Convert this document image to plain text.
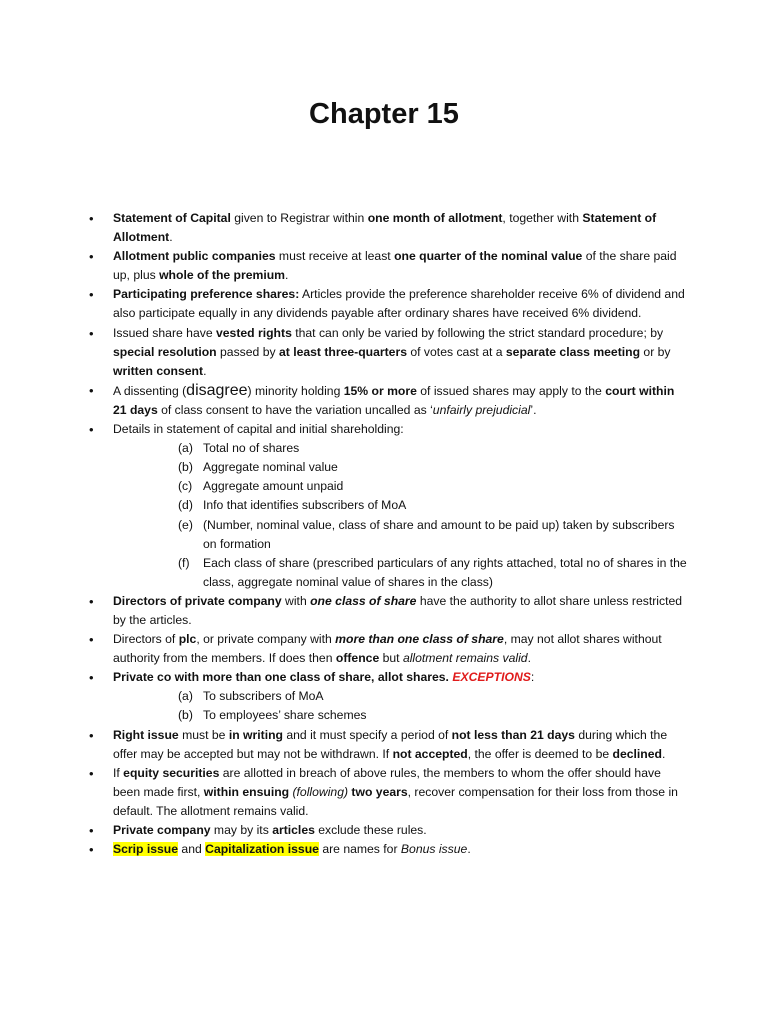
Chapter 15
• Statement of Capital given to Registrar within one month of allotment, together with Statement of Allotment.
• Allotment public companies must receive at least one quarter of the nominal value of the share paid up, plus whole of the premium.
• Participating preference shares: Articles provide the preference shareholder receive 6% of dividend and also participate equally in any dividends payable after ordinary shares have received 6% dividend.
• Issued share have vested rights that can only be varied by following the strict standard procedure; by special resolution passed by at least three-quarters of votes cast at a separate class meeting or by written consent.
• A dissenting (disagree) minority holding 15% or more of issued shares may apply to the court within 21 days of class consent to have the variation uncalled as ‘unfairly prejudicial’.
• Details in statement of capital and initial shareholding:
(a) Total no of shares
(b) Aggregate nominal value
(c) Aggregate amount unpaid
(d) Info that identifies subscribers of MoA
(e) (Number, nominal value, class of share and amount to be paid up) taken by subscribers on formation
(f) Each class of share (prescribed particulars of any rights attached, total no of shares in the class, aggregate nominal value of shares in the class)
• Directors of private company with one class of share have the authority to allot share unless restricted by the articles.
• Directors of plc, or private company with more than one class of share, may not allot shares without authority from the members. If does then offence but allotment remains valid.
• Private co with more than one class of share, allot shares. EXCEPTIONS:
(a) To subscribers of MoA
(b) To employees’ share schemes
• Right issue must be in writing and it must specify a period of not less than 21 days during which the offer may be accepted but may not be withdrawn. If not accepted, the offer is deemed to be declined.
• If equity securities are allotted in breach of above rules, the members to whom the offer should have been made first, within ensuing (following) two years, recover compensation for their loss from those in default. The allotment remains valid.
• Private company may by its articles exclude these rules.
• Scrip issue and Capitalization issue are names for Bonus issue.
